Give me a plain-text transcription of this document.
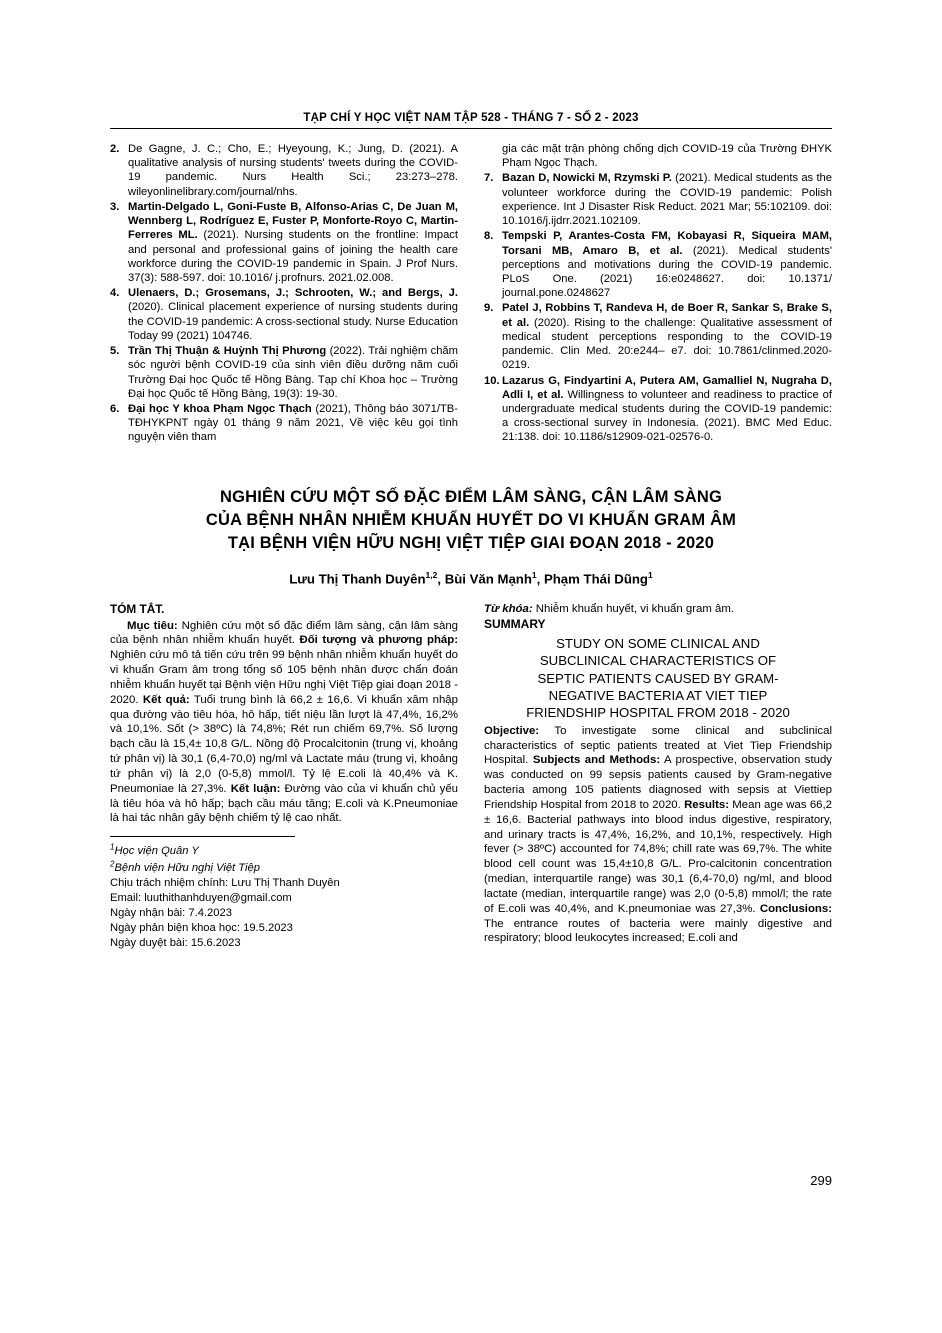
TẠP CHÍ Y HỌC VIỆT NAM TẬP 528 - THÁNG 7 - SỐ 2 - 2023
2. De Gagne, J. C.; Cho, E.; Hyeyoung, K.; Jung, D. (2021). A qualitative analysis of nursing students' tweets during the COVID-19 pandemic. Nurs Health Sci.; 23:273–278. wileyonlinelibrary.com/journal/nhs.
3. Martin-Delgado L, Goni-Fuste B, Alfonso-Arias C, De Juan M, Wennberg L, Rodríguez E, Fuster P, Monforte-Royo C, Martin-Ferreres ML. (2021). Nursing students on the frontline: Impact and personal and professional gains of joining the health care workforce during the COVID-19 pandemic in Spain. J Prof Nurs. 37(3): 588-597. doi: 10.1016/ j.profnurs. 2021.02.008.
4. Ulenaers, D.; Grosemans, J.; Schrooten, W.; and Bergs, J. (2020). Clinical placement experience of nursing students during the COVID-19 pandemic: A cross-sectional study. Nurse Education Today 99 (2021) 104746.
5. Trần Thị Thuận & Huỳnh Thị Phương (2022). Trải nghiệm chăm sóc người bệnh COVID-19 của sinh viên điều dưỡng năm cuối Trường Đại học Quốc tế Hồng Bàng. Tạp chí Khoa học – Trường Đại học Quốc tế Hồng Bàng, 19(3): 19-30.
6. Đại học Y khoa Phạm Ngọc Thạch (2021), Thông báo 3071/TB-TĐHYKPNT ngày 01 tháng 9 năm 2021, Về việc kêu gọi tình nguyện viên tham
gia các mặt trận phòng chống dịch COVID-19 của Trường ĐHYK Phạm Ngọc Thạch.
7. Bazan D, Nowicki M, Rzymski P. (2021). Medical students as the volunteer workforce during the COVID-19 pandemic: Polish experience. Int J Disaster Risk Reduct. 2021 Mar; 55:102109. doi: 10.1016/j.ijdrr.2021.102109.
8. Tempski P, Arantes-Costa FM, Kobayasi R, Siqueira MAM, Torsani MB, Amaro B, et al. (2021). Medical students' perceptions and motivations during the COVID-19 pandemic. PLoS One. (2021) 16:e0248627. doi: 10.1371/ journal.pone.0248627
9. Patel J, Robbins T, Randeva H, de Boer R, Sankar S, Brake S, et al. (2020). Rising to the challenge: Qualitative assessment of medical student perceptions responding to the COVID-19 pandemic. Clin Med. 20:e244– e7. doi: 10.7861/clinmed.2020-0219.
10. Lazarus G, Findyartini A, Putera AM, Gamalliel N, Nugraha D, Adli I, et al. Willingness to volunteer and readiness to practice of undergraduate medical students during the COVID-19 pandemic: a cross-sectional survey in Indonesia. (2021). BMC Med Educ. 21:138. doi: 10.1186/s12909-021-02576-0.
NGHIÊN CỨU MỘT SỐ ĐẶC ĐIỂM LÂM SÀNG, CẬN LÂM SÀNG
CỦA BỆNH NHÂN NHIỄM KHUẨN HUYẾT DO VI KHUẨN GRAM ÂM
TẠI BỆNH VIỆN HỮU NGHỊ VIỆT TIỆP GIAI ĐOẠN 2018 - 2020
Lưu Thị Thanh Duyên$^{1,2}$, Bùi Văn Mạnh$^1$, Phạm Thái Dũng$^1$
TÓM TẮT.
Mục tiêu: Nghiên cứu một số đặc điểm lâm sàng, cận lâm sàng của bệnh nhân nhiễm khuẩn huyết. Đối tượng và phương pháp: Nghiên cứu mô tả tiến cứu trên 99 bệnh nhân nhiễm khuẩn huyết do vi khuẩn Gram âm trong tổng số 105 bệnh nhân được chẩn đoán nhiễm khuẩn huyết tại Bệnh viện Hữu nghị Việt Tiệp giai đoạn 2018 - 2020. Kết quả: Tuổi trung bình là 66,2 ± 16,6. Vi khuẩn xâm nhập qua đường vào tiêu hóa, hô hấp, tiết niệu lần lượt là 47,4%, 16,2% và 10,1%. Sốt (> 38ºC) là 74,8%; Rét run chiếm 69,7%. Số lượng bạch cầu là 15,4± 10,8 G/L. Nồng độ Procalcitonin (trung vị, khoảng tứ phân vị) là 30,1 (6,4-70,0) ng/ml và Lactate máu (trung vị, khoảng tứ phân vị) là 2,0 (0-5,8) mmol/l. Tỷ lệ E.coli là 40,4% và K. Pneumoniae là 27,3%. Kết luận: Đường vào của vi khuẩn chủ yếu là tiêu hóa và hô hấp; bạch cầu máu tăng; E.coli và K.Pneumoniae là hai tác nhân gây bệnh chiếm tỷ lệ cao nhất.
$^1$Học viện Quân Y
$^2$Bệnh viện Hữu nghị Việt Tiệp
Chịu trách nhiệm chính: Lưu Thị Thanh Duyên
Email: luuthithanhduyen@gmail.com
Ngày nhận bài: 7.4.2023
Ngày phản biện khoa học: 19.5.2023
Ngày duyệt bài: 15.6.2023
Từ khóa: Nhiễm khuẩn huyết, vi khuẩn gram âm.
SUMMARY
STUDY ON SOME CLINICAL AND
SUBCLINICAL CHARACTERISTICS OF
SEPTIC PATIENTS CAUSED BY GRAM-
NEGATIVE BACTERIA AT VIET TIEP
FRIENDSHIP HOSPITAL FROM 2018 - 2020
Objective: To investigate some clinical and subclinical characteristics of septic patients treated at Viet Tiep Friendship Hospital. Subjects and Methods: A prospective, observation study was conducted on 99 sepsis patients caused by Gram-negative bacteria among 105 patients diagnosed with sepsis at Viettiep Friendship Hospital from 2018 to 2020. Results: Mean age was 66,2 ± 16,6. Bacterial pathways into blood indus digestive, respiratory, and urinary tracts is 47,4%, 16,2%, and 10,1%, respectively. High fever (> 38ºC) accounted for 74,8%; chill rate was 69,7%. The white blood cell count was 15,4±10,8 G/L. Pro-calcitonin concentration (median, interquartile range) was 30,1 (6,4-70,0) ng/ml, and blood lactate (median, interquartile range) was 2,0 (0-5,8) mmol/l; the rate of E.coli was 40,4%, and K.pneumoniae was 27,3%. Conclusions: The entrance routes of bacteria were mainly digestive and respiratory; blood leukocytes increased; E.coli and
299
